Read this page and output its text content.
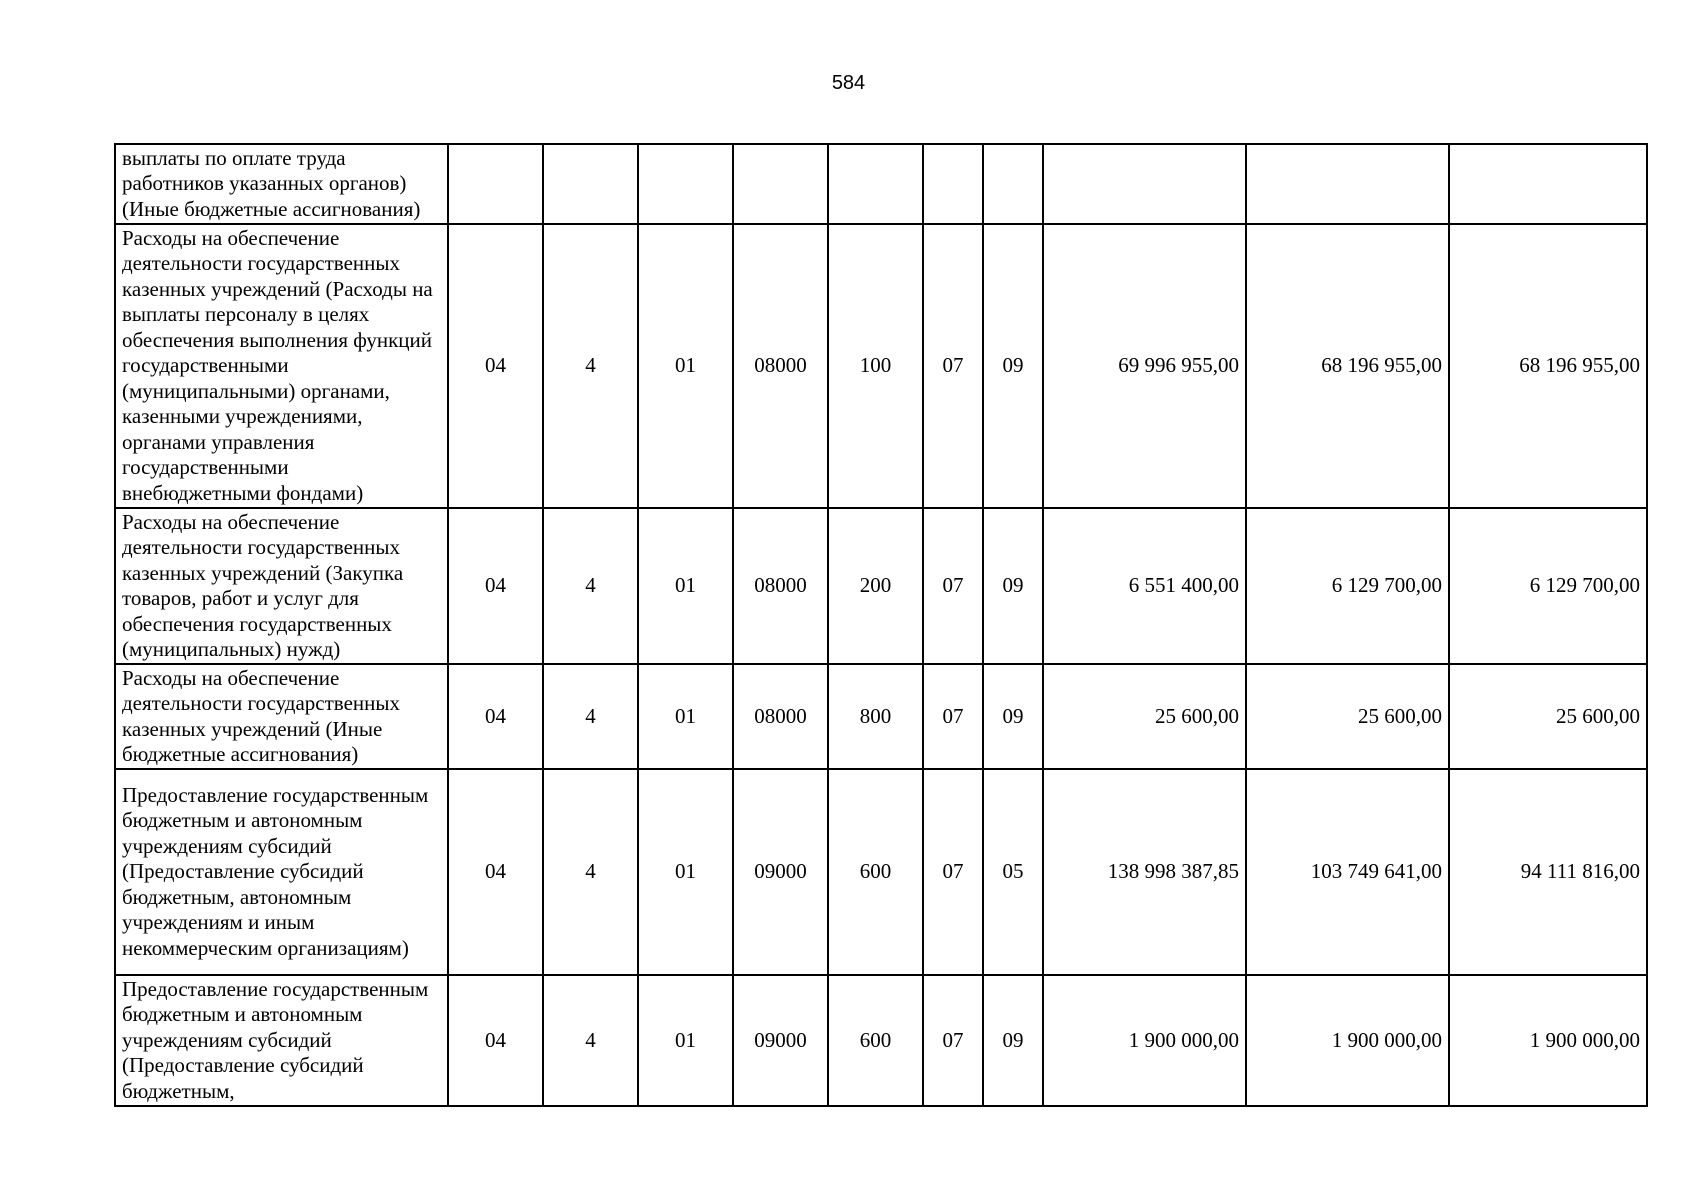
584
выплаты по оплате труда работников указанных органов) (Иные бюджетные ассигнования)										
Расходы на обеспечение деятельности государственных казенных учреждений (Расходы на выплаты персоналу в целях обеспечения выполнения функций государственными (муниципальными) органами, казенными учреждениями, органами управления государственными внебюджетными фондами)	04	4	01	08000	100	07	09	69 996 955,00	68 196 955,00	68 196 955,00
Расходы на обеспечение деятельности государственных казенных учреждений (Закупка товаров, работ и услуг для обеспечения государственных (муниципальных) нужд)	04	4	01	08000	200	07	09	6 551 400,00	6 129 700,00	6 129 700,00
Расходы на обеспечение деятельности государственных казенных учреждений (Иные бюджетные ассигнования)	04	4	01	08000	800	07	09	25 600,00	25 600,00	25 600,00
Предоставление государственным бюджетным и автономным учреждениям субсидий (Предоставление субсидий бюджетным, автономным учреждениям и иным некоммерческим организациям)	04	4	01	09000	600	07	05	138 998 387,85	103 749 641,00	94 111 816,00
Предоставление государственным бюджетным и автономным учреждениям субсидий (Предоставление субсидий бюджетным,	04	4	01	09000	600	07	09	1 900 000,00	1 900 000,00	1 900 000,00
